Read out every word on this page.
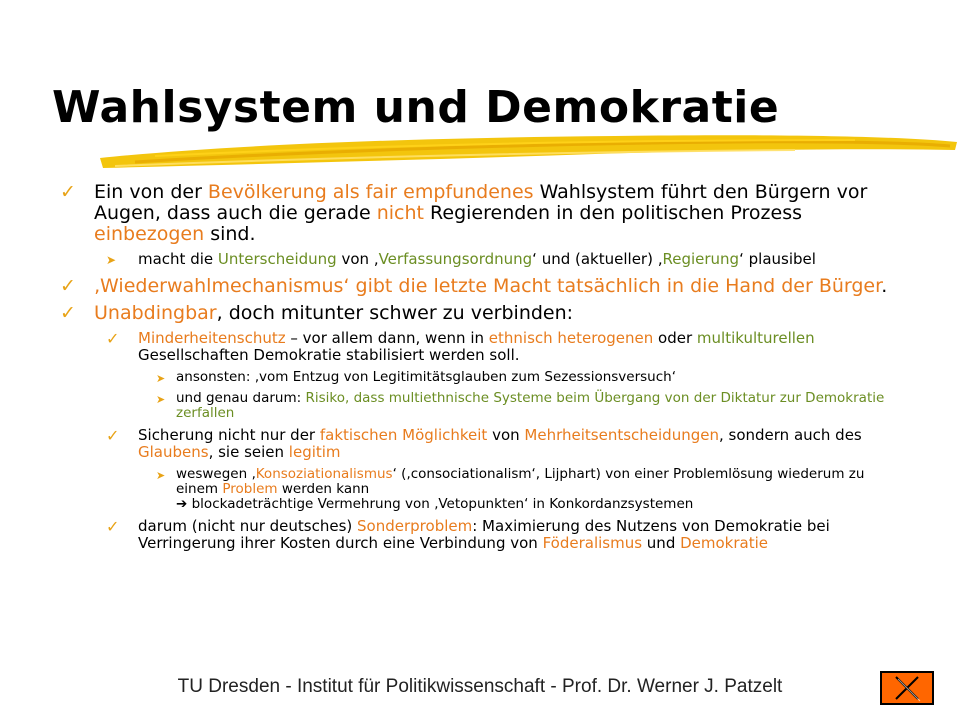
Wahlsystem und Demokratie
✓ Ein von der Bevölkerung als fair empfundenes Wahlsystem führt den Bürgern vor Augen, dass auch die gerade nicht Regierenden in den politischen Prozess einbezogen sind.
➤ macht die Unterscheidung von ‚Verfassungsordnung‘ und (aktueller) ‚Regierung‘ plausibel
✓ ‚Wiederwahlmechanismus‘ gibt die letzte Macht tatsächlich in die Hand der Bürger.
✓ Unabdingbar, doch mitunter schwer zu verbinden:
✓ Minderheitenschutz – vor allem dann, wenn in ethnisch heterogenen oder multikulturellen Gesellschaften Demokratie stabilisiert werden soll.
➤ ansonsten: ‚vom Entzug von Legitimitätsglauben zum Sezessionsversuch‘
➤ und genau darum: Risiko, dass multiethnische Systeme beim Übergang von der Diktatur zur Demokratie zerfallen
✓ Sicherung nicht nur der faktischen Möglichkeit von Mehrheitsentscheidungen, sondern auch des Glaubens, sie seien legitim
➤ weswegen ‚Konsoziationalismus‘ (‚consociationalism‘, Lijphart) von einer Problemlösung wiederum zu einem Problem werden kann
➔ blockadeträchtige Vermehrung von ‚Vetopunkten‘ in Konkordanzsystemen
✓ darum (nicht nur deutsches) Sonderproblem: Maximierung des Nutzens von Demokratie bei Verringerung ihrer Kosten durch eine Verbindung von Föderalismus und Demokratie
TU Dresden - Institut für Politikwissenschaft - Prof. Dr. Werner J. Patzelt
